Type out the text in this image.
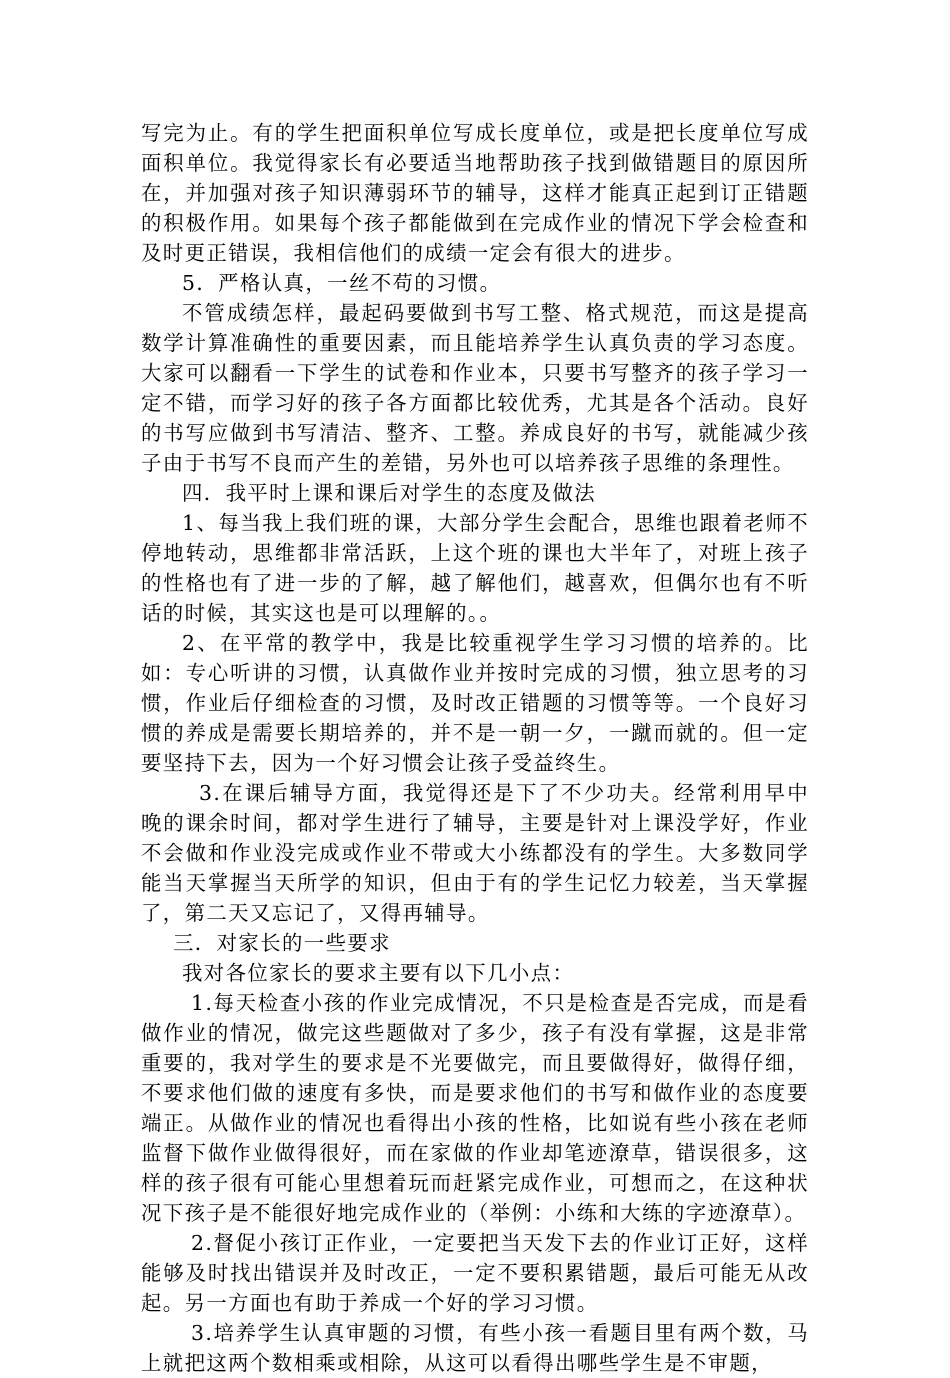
写完为止。有的学生把面积单位写成长度单位，或是把长度单位写成面积单位。我觉得家长有必要适当地帮助孩子找到做错题目的原因所在，并加强对孩子知识薄弱环节的辅导，这样才能真正起到订正错题的积极作用。如果每个孩子都能做到在完成作业的情况下学会检查和及时更正错误，我相信他们的成绩一定会有很大的进步。

5．严格认真，一丝不苟的习惯。

不管成绩怎样，最起码要做到书写工整、格式规范，而这是提高数学计算准确性的重要因素，而且能培养学生认真负责的学习态度。大家可以翻看一下学生的试卷和作业本，只要书写整齐的孩子学习一定不错，而学习好的孩子各方面都比较优秀，尤其是各个活动。良好的书写应做到书写清洁、整齐、工整。养成良好的书写，就能减少孩子由于书写不良而产生的差错，另外也可以培养孩子思维的条理性。

四．我平时上课和课后对学生的态度及做法

1、每当我上我们班的课，大部分学生会配合，思维也跟着老师不停地转动，思维都非常活跃，上这个班的课也大半年了，对班上孩子的性格也有了进一步的了解，越了解他们，越喜欢，但偶尔也有不听话的时候，其实这也是可以理解的。。

2、在平常的教学中，我是比较重视学生学习习惯的培养的。比如：专心听讲的习惯，认真做作业并按时完成的习惯，独立思考的习惯，作业后仔细检查的习惯，及时改正错题的习惯等等。一个良好习惯的养成是需要长期培养的，并不是一朝一夕，一蹴而就的。但一定要坚持下去，因为一个好习惯会让孩子受益终生。

3.在课后辅导方面，我觉得还是下了不少功夫。经常利用早中晚的课余时间，都对学生进行了辅导，主要是针对上课没学好，作业不会做和作业没完成或作业不带或大小练都没有的学生。大多数同学能当天掌握当天所学的知识，但由于有的学生记忆力较差，当天掌握了，第二天又忘记了，又得再辅导。

三．对家长的一些要求

我对各位家长的要求主要有以下几小点：

1.每天检查小孩的作业完成情况，不只是检查是否完成，而是看做作业的情况，做完这些题做对了多少，孩子有没有掌握，这是非常重要的，我对学生的要求是不光要做完，而且要做得好，做得仔细，不要求他们做的速度有多快，而是要求他们的书写和做作业的态度要端正。从做作业的情况也看得出小孩的性格，比如说有些小孩在老师监督下做作业做得很好，而在家做的作业却笔迹潦草，错误很多，这样的孩子很有可能心里想着玩而赶紧完成作业，可想而之，在这种状况下孩子是不能很好地完成作业的（举例：小练和大练的字迹潦草）。

2.督促小孩订正作业，一定要把当天发下去的作业订正好，这样能够及时找出错误并及时改正，一定不要积累错题，最后可能无从改起。另一方面也有助于养成一个好的学习习惯。

3.培养学生认真审题的习惯，有些小孩一看题目里有两个数，马上就把这两个数相乘或相除，从这可以看得出哪些学生是不审题，
